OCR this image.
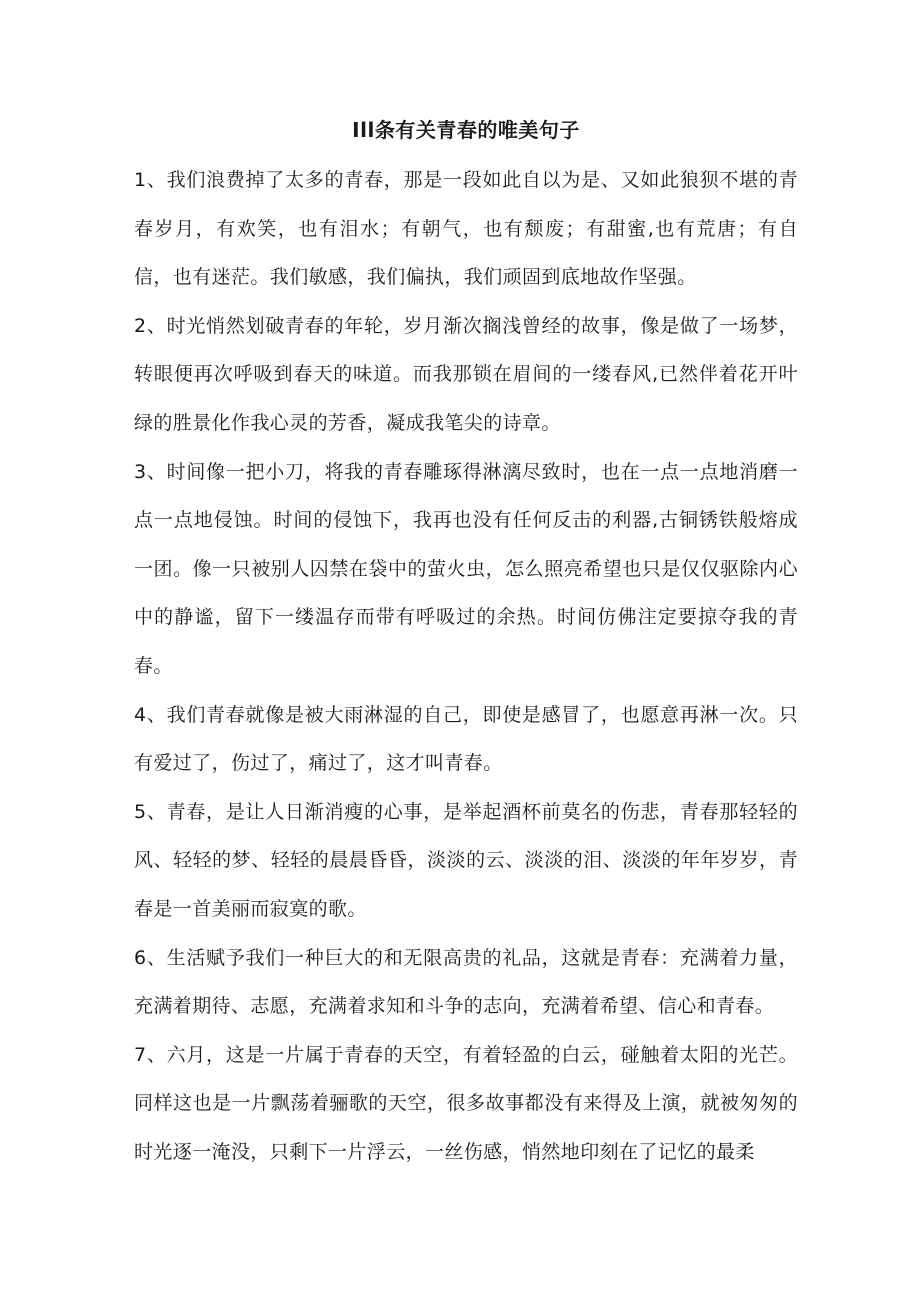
Ill条有关青春的唯美句子

1、我们浪费掉了太多的青春，那是一段如此自以为是、又如此狼狈不堪的青春岁月，有欢笑，也有泪水；有朝气，也有颓废；有甜蜜,也有荒唐；有自信，也有迷茫。我们敏感，我们偏执，我们顽固到底地故作坚强。

2、时光悄然划破青春的年轮，岁月渐次搁浅曾经的故事，像是做了一场梦，转眼便再次呼吸到春天的味道。而我那锁在眉间的一缕春风,已然伴着花开叶绿的胜景化作我心灵的芳香，凝成我笔尖的诗章。

3、时间像一把小刀，将我的青春雕琢得淋漓尽致时，也在一点一点地消磨一点一点地侵蚀。时间的侵蚀下，我再也没有任何反击的利器,古铜锈铁般熔成一团。像一只被别人囚禁在袋中的萤火虫，怎么照亮希望也只是仅仅驱除内心中的静谧，留下一缕温存而带有呼吸过的余热。时间仿佛注定要掠夺我的青春。

4、我们青春就像是被大雨淋湿的自己，即使是感冒了，也愿意再淋一次。只有爱过了，伤过了，痛过了，这才叫青春。

5、青春，是让人日渐消瘦的心事，是举起酒杯前莫名的伤悲，青春那轻轻的风、轻轻的梦、轻轻的晨晨昏昏，淡淡的云、淡淡的泪、淡淡的年年岁岁，青春是一首美丽而寂寞的歌。

6、生活赋予我们一种巨大的和无限高贵的礼品，这就是青春：充满着力量，充满着期待、志愿，充满着求知和斗争的志向，充满着希望、信心和青春。

7、六月，这是一片属于青春的天空，有着轻盈的白云，碰触着太阳的光芒。同样这也是一片飘荡着骊歌的天空，很多故事都没有来得及上演，就被匆匆的时光逐一淹没，只剩下一片浮云，一丝伤感，悄然地印刻在了记忆的最柔
